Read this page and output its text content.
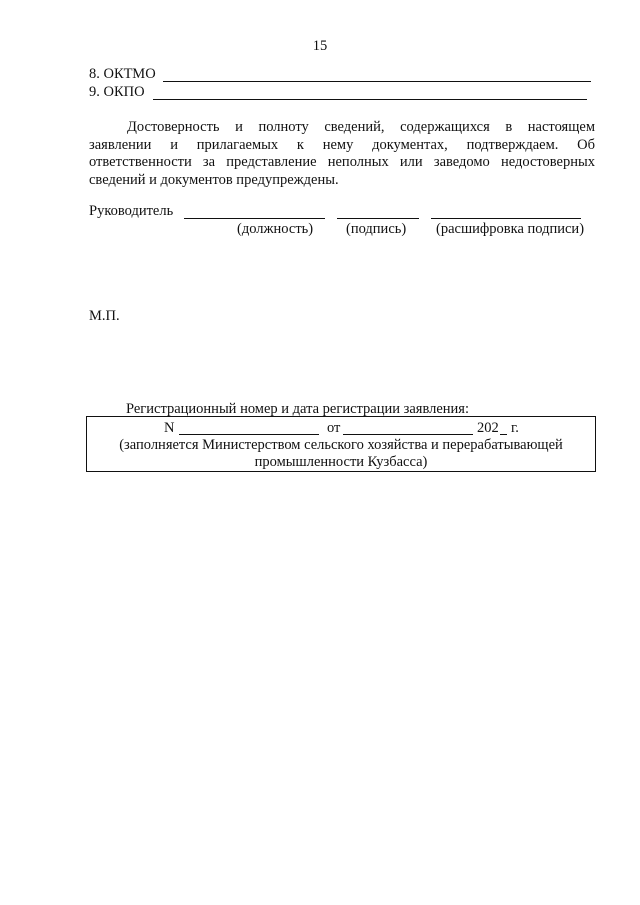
15
8. ОКТМО
9. ОКПО
Достоверность и полноту сведений, содержащихся в настоящем
заявлении и прилагаемых к нему документах, подтверждаем. Об
ответственности за представление неполных или заведомо недостоверных
сведений и документов предупреждены.
Руководитель
(должность) (подпись) (расшифровка подписи)
М.П.
Регистрационный номер и дата регистрации заявления:
N	от	202 г.
(заполняется Министерством сельского хозяйства и перерабатывающей
промышленности Кузбасса)
